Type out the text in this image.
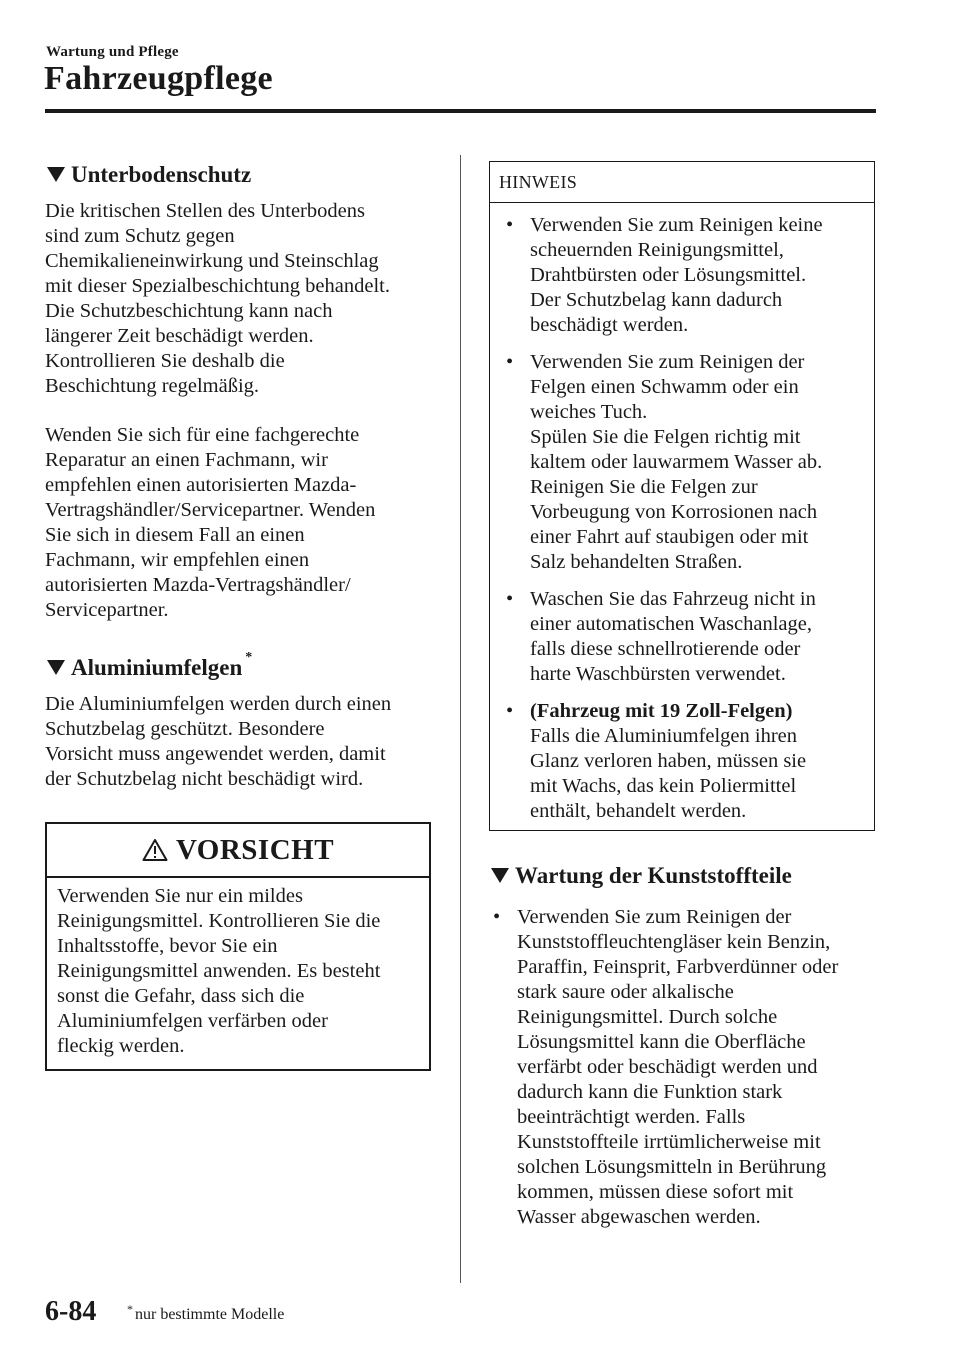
Wartung und Pflege
Fahrzeugpflege
Unterbodenschutz

Die kritischen Stellen des Unterbodens
sind zum Schutz gegen
Chemikalieneinwirkung und Steinschlag
mit dieser Spezialbeschichtung behandelt.
Die Schutzbeschichtung kann nach
längerer Zeit beschädigt werden.
Kontrollieren Sie deshalb die
Beschichtung regelmäßig.

Wenden Sie sich für eine fachgerechte
Reparatur an einen Fachmann, wir
empfehlen einen autorisierten Mazda-
Vertragshändler/Servicepartner. Wenden
Sie sich in diesem Fall an einen
Fachmann, wir empfehlen einen
autorisierten Mazda-Vertragshändler/
Servicepartner.

Aluminiumfelgen *

Die Aluminiumfelgen werden durch einen
Schutzbelag geschützt. Besondere
Vorsicht muss angewendet werden, damit
der Schutzbelag nicht beschädigt wird.

VORSICHT
Verwenden Sie nur ein mildes
Reinigungsmittel. Kontrollieren Sie die
Inhaltsstoffe, bevor Sie ein
Reinigungsmittel anwenden. Es besteht
sonst die Gefahr, dass sich die
Aluminiumfelgen verfärben oder
fleckig werden.
HINWEIS
• Verwenden Sie zum Reinigen keine
scheuernden Reinigungsmittel,
Drahtbürsten oder Lösungsmittel.
Der Schutzbelag kann dadurch
beschädigt werden.
• Verwenden Sie zum Reinigen der
Felgen einen Schwamm oder ein
weiches Tuch.
Spülen Sie die Felgen richtig mit
kaltem oder lauwarmem Wasser ab.
Reinigen Sie die Felgen zur
Vorbeugung von Korrosionen nach
einer Fahrt auf staubigen oder mit
Salz behandelten Straßen.
• Waschen Sie das Fahrzeug nicht in
einer automatischen Waschanlage,
falls diese schnellrotierende oder
harte Waschbürsten verwendet.
• (Fahrzeug mit 19 Zoll-Felgen)
Falls die Aluminiumfelgen ihren
Glanz verloren haben, müssen sie
mit Wachs, das kein Poliermittel
enthält, behandelt werden.
Wartung der Kunststoffteile
• Verwenden Sie zum Reinigen der
Kunststoffleuchtengläser kein Benzin,
Paraffin, Feinsprit, Farbverdünner oder
stark saure oder alkalische
Reinigungsmittel. Durch solche
Lösungsmittel kann die Oberfläche
verfärbt oder beschädigt werden und
dadurch kann die Funktion stark
beeinträchtigt werden. Falls
Kunststoffteile irrtümlicherweise mit
solchen Lösungsmitteln in Berührung
kommen, müssen diese sofort mit
Wasser abgewaschen werden.
6-84	* nur bestimmte Modelle
